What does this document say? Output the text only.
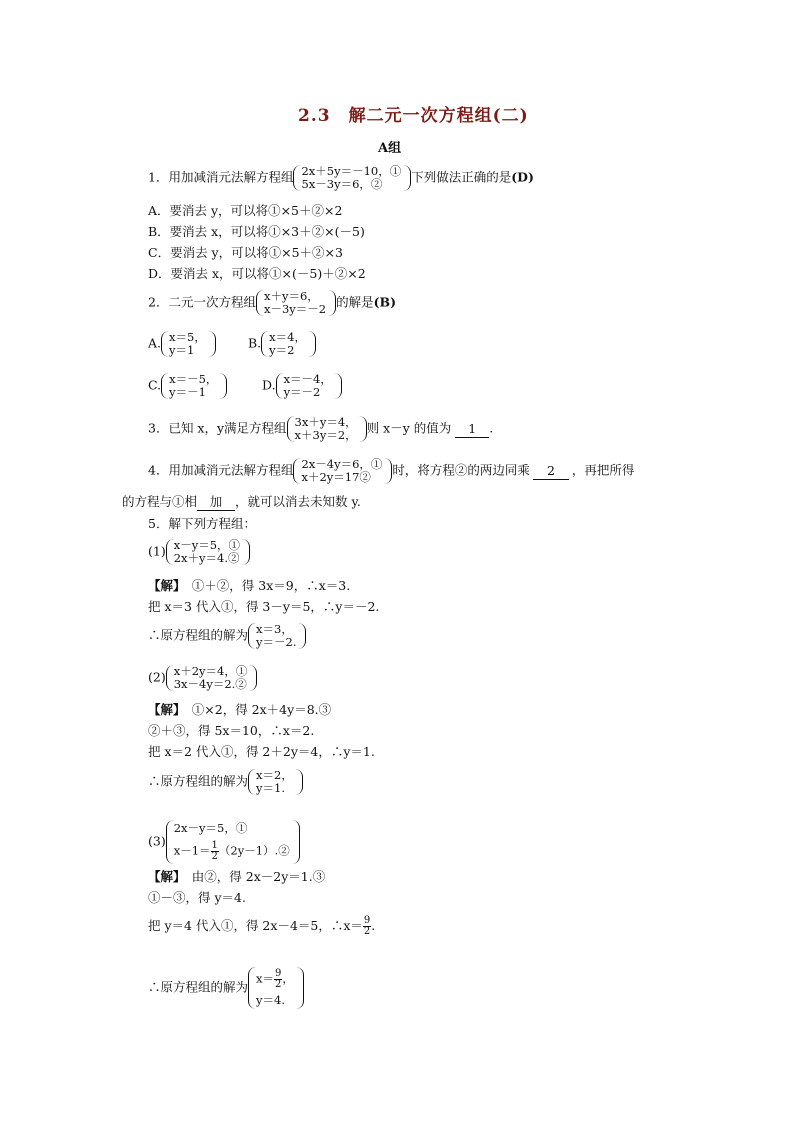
2.3　解二元一次方程组(二)
A组
1．用加减消元法解方程组 2x＋5y＝－10，①
5x－3y＝6，②	下列做法正确的是(D)
A．要消去 y，可以将①×5＋②×2
B．要消去 x，可以将①×3＋②×(－5)
C．要消去 y，可以将①×5＋②×3
D．要消去 x，可以将①×(－5)＋②×2
2．二元一次方程组 x＋y＝6，
x－3y＝－2 的解是(B)
A. x＝5，
y＝1	B. x＝4，
y＝2
C. x＝－5，
y＝－1	D. x＝－4，
y＝－2
3．已知 x，y满足方程组 3x＋y＝4，
x＋3y＝2， 则 x－y 的值为 1 .
4．用加减消元法解方程组 2x－4y＝6，①
x＋2y＝17②	时，将方程②的两边同乘 2 ，再把所得
的方程与①相 加 ，就可以消去未知数 y.
5．解下列方程组：
(1) x－y＝5，①
2x＋y＝4.②
【解】　 ①＋②，得 3x＝9，∴x＝3.
把 x＝3 代入①，得 3－y＝5，∴y＝－2.
∴原方程组的解为 x＝3，
y＝－2.
(2) x＋2y＝4，①
3x－4y＝2.②
【解】　 ①×2，得 2x＋4y＝8.③
②＋③，得 5x＝10，∴x＝2.
把 x＝2 代入①，得 2＋2y＝4，∴y＝1.
∴原方程组的解为 x＝2，
y＝1.
(3)
2x－y＝5，①
$x-1= \frac{1}{2}$ （2y－1）.②
【解】　 由②，得 2x－2y＝1.③
①－③，得 y＝4.
把 y＝4 代入①，得 2x－4＝5，∴x＝ $\frac{9}{2}$ .
∴原方程组的解为
$x= \frac{9}{2}$ ，
y＝4.
